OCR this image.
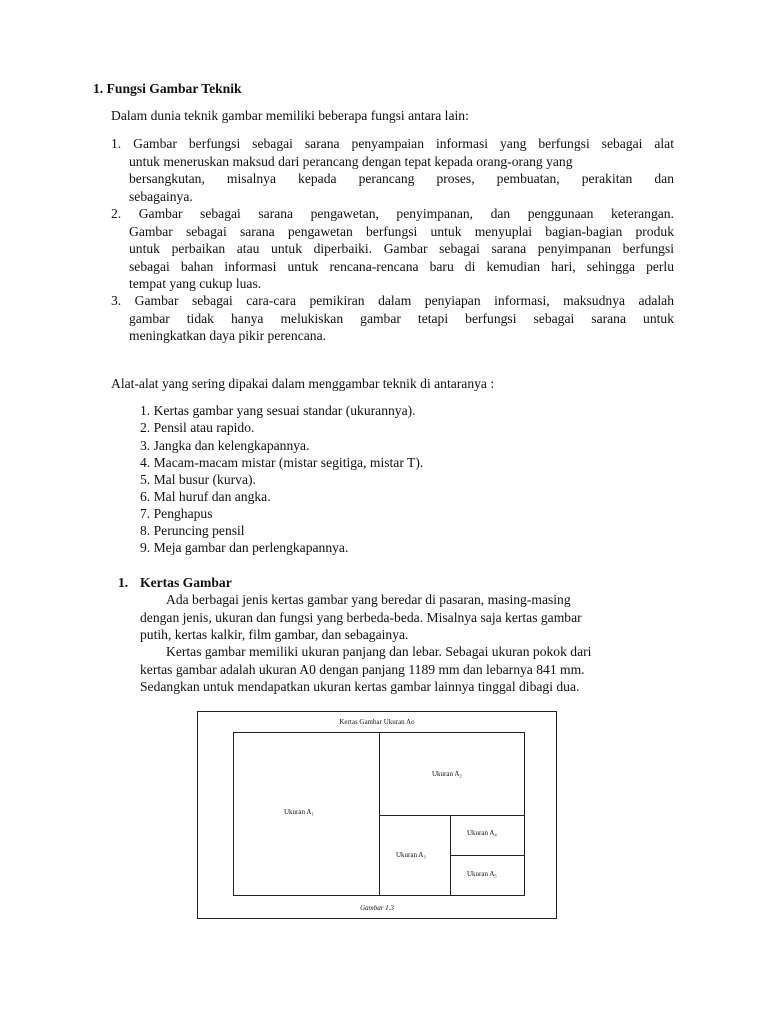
1. Fungsi Gambar Teknik
Dalam dunia teknik gambar memiliki beberapa fungsi antara lain:
1. Gambar berfungsi sebagai sarana penyampaian informasi yang berfungsi sebagai alat
untuk meneruskan maksud dari perancang dengan tepat kepada orang-orang yang
bersangkutan, misalnya kepada perancang proses, pembuatan, perakitan dan
sebagainya.
2. Gambar sebagai sarana pengawetan, penyimpanan, dan penggunaan keterangan.
Gambar sebagai sarana pengawetan berfungsi untuk menyuplai bagian-bagian produk
untuk perbaikan atau untuk diperbaiki. Gambar sebagai sarana penyimpanan berfungsi
sebagai bahan informasi untuk rencana-rencana baru di kemudian hari, sehingga perlu
tempat yang cukup luas.
3. Gambar sebagai cara-cara pemikiran dalam penyiapan informasi, maksudnya adalah
gambar tidak hanya melukiskan gambar tetapi berfungsi sebagai sarana untuk
meningkatkan daya pikir perencana.
Alat-alat yang sering dipakai dalam menggambar teknik di antaranya :
1. Kertas gambar yang sesuai standar (ukurannya).
2. Pensil atau rapido.
3. Jangka dan kelengkapannya.
4. Macam-macam mistar (mistar segitiga, mistar T).
5. Mal busur (kurva).
6. Mal huruf dan angka.
7. Penghapus
8. Peruncing pensil
9. Meja gambar dan perlengkapannya.
1. Kertas Gambar
Ada berbagai jenis kertas gambar yang beredar di pasaran, masing-masing
dengan jenis, ukuran dan fungsi yang berbeda-beda. Misalnya saja kertas gambar
putih, kertas kalkir, film gambar, dan sebagainya.
Kertas gambar memiliki ukuran panjang dan lebar. Sebagai ukuran pokok dari
kertas gambar adalah ukuran A0 dengan panjang 1189 mm dan lebarnya 841 mm.
Sedangkan untuk mendapatkan ukuran kertas gambar lainnya tinggal dibagi dua.
Kertas Gambar Ukuran Ao
Ukuran A₁
Ukuran A₂
Ukuran A₃
Ukuran A₄
Ukuran A₅
Gambar 1.3
